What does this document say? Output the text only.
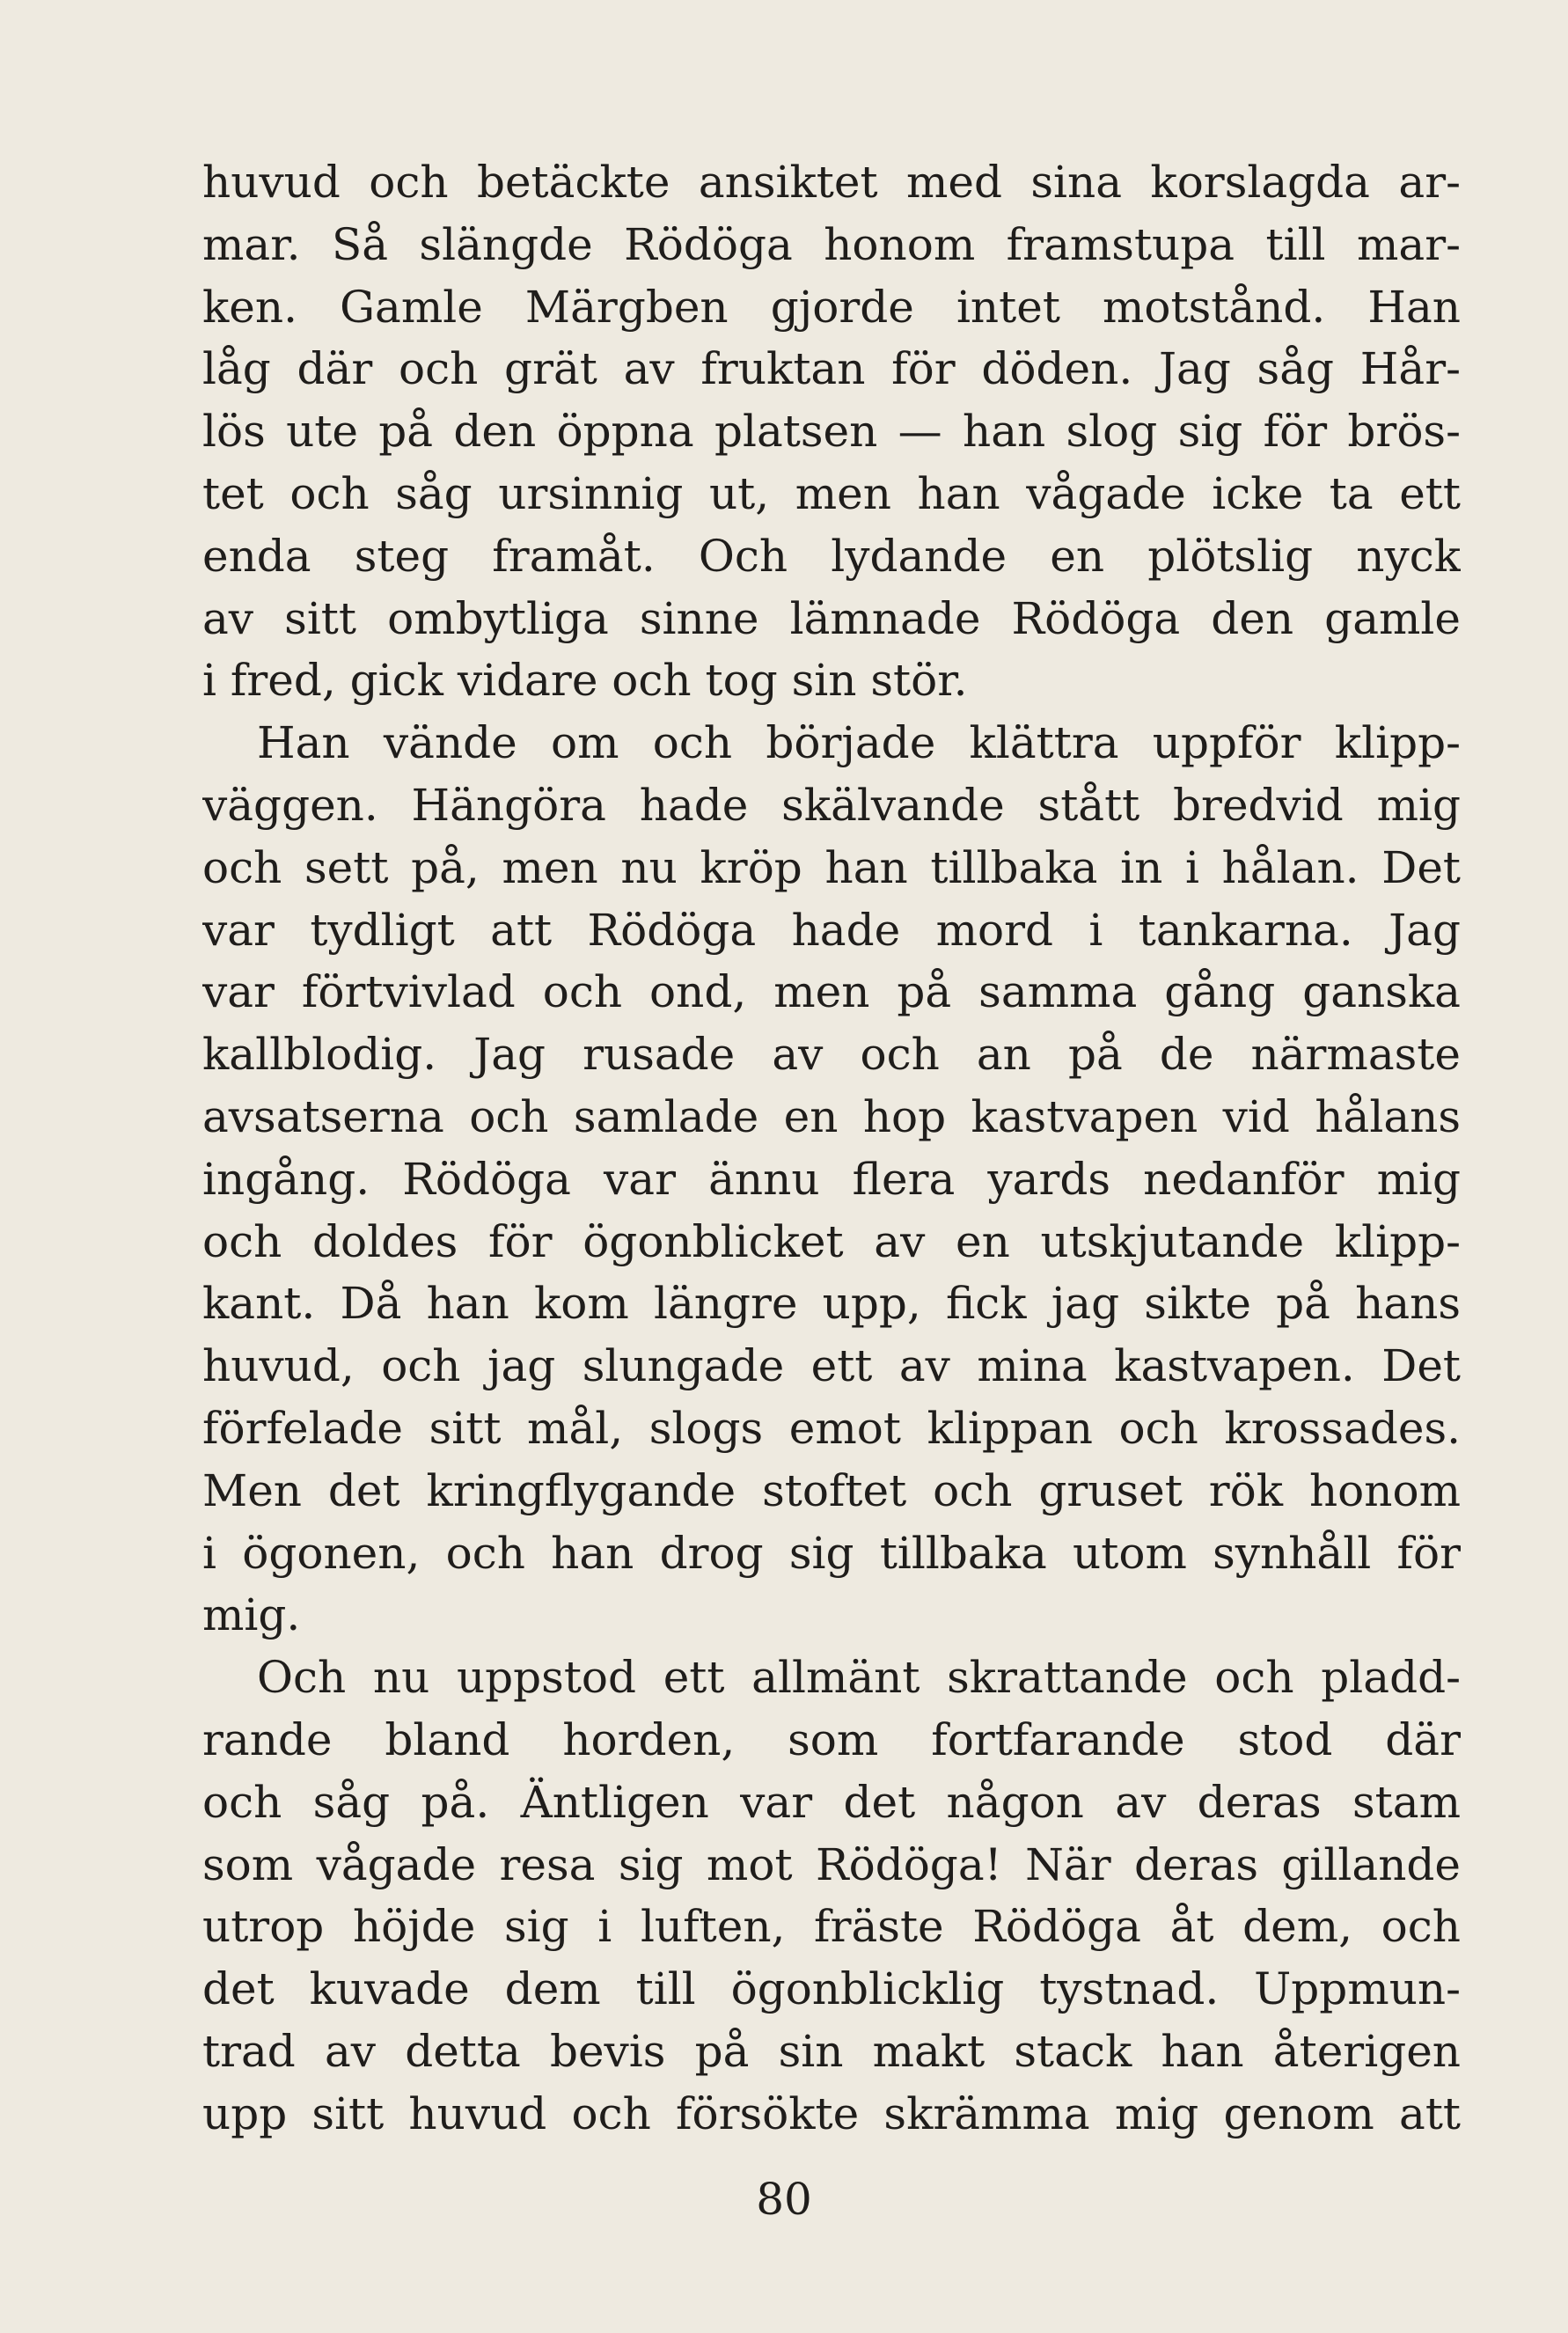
huvud och betäckte ansiktet med sina korslagda ar-
mar. Så slängde Rödöga honom framstupa till mar-
ken. Gamle Märgben gjorde intet motstånd. Han
låg där och grät av fruktan för döden. Jag såg Hår-
lös ute på den öppna platsen — han slog sig för brös-
tet och såg ursinnig ut, men han vågade icke ta ett
enda steg framåt. Och lydande en plötslig nyck
av sitt ombytliga sinne lämnade Rödöga den gamle
i fred, gick vidare och tog sin stör.
Han vände om och började klättra uppför klipp-
väggen. Hängöra hade skälvande stått bredvid mig
och sett på, men nu kröp han tillbaka in i hålan. Det
var tydligt att Rödöga hade mord i tankarna. Jag
var förtvivlad och ond, men på samma gång ganska
kallblodig. Jag rusade av och an på de närmaste
avsatserna och samlade en hop kastvapen vid hålans
ingång. Rödöga var ännu flera yards nedanför mig
och doldes för ögonblicket av en utskjutande klipp-
kant. Då han kom längre upp, fick jag sikte på hans
huvud, och jag slungade ett av mina kastvapen. Det
förfelade sitt mål, slogs emot klippan och krossades.
Men det kringflygande stoftet och gruset rök honom
i ögonen, och han drog sig tillbaka utom synhåll för
mig.
Och nu uppstod ett allmänt skrattande och pladd-
rande bland horden, som fortfarande stod där
och såg på. Äntligen var det någon av deras stam
som vågade resa sig mot Rödöga! När deras gillande
utrop höjde sig i luften, fräste Rödöga åt dem, och
det kuvade dem till ögonblicklig tystnad. Uppmun-
trad av detta bevis på sin makt stack han återigen
upp sitt huvud och försökte skrämma mig genom att
80
